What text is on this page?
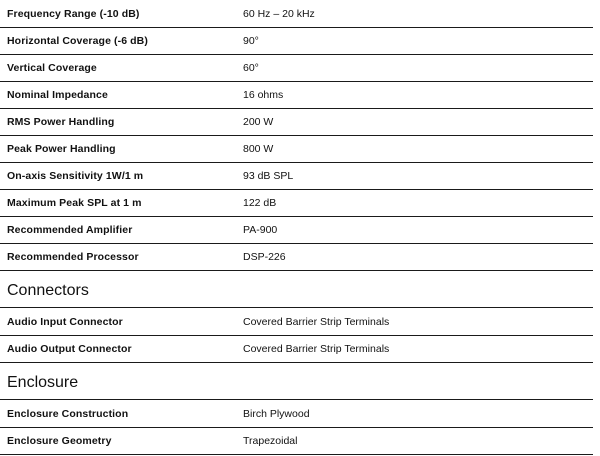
Frequency Range (-10 dB)	60 Hz – 20 kHz
Horizontal Coverage (-6 dB)	90°
Vertical Coverage	60°
Nominal Impedance	16 ohms
RMS Power Handling	200 W
Peak Power Handling	800 W
On-axis Sensitivity 1W/1 m	93 dB SPL
Maximum Peak SPL at 1 m	122 dB
Recommended Amplifier	PA-900
Recommended Processor	DSP-226
Connectors
Audio Input Connector	Covered Barrier Strip Terminals
Audio Output Connector	Covered Barrier Strip Terminals
Enclosure
Enclosure Construction	Birch Plywood
Enclosure Geometry	Trapezoidal
